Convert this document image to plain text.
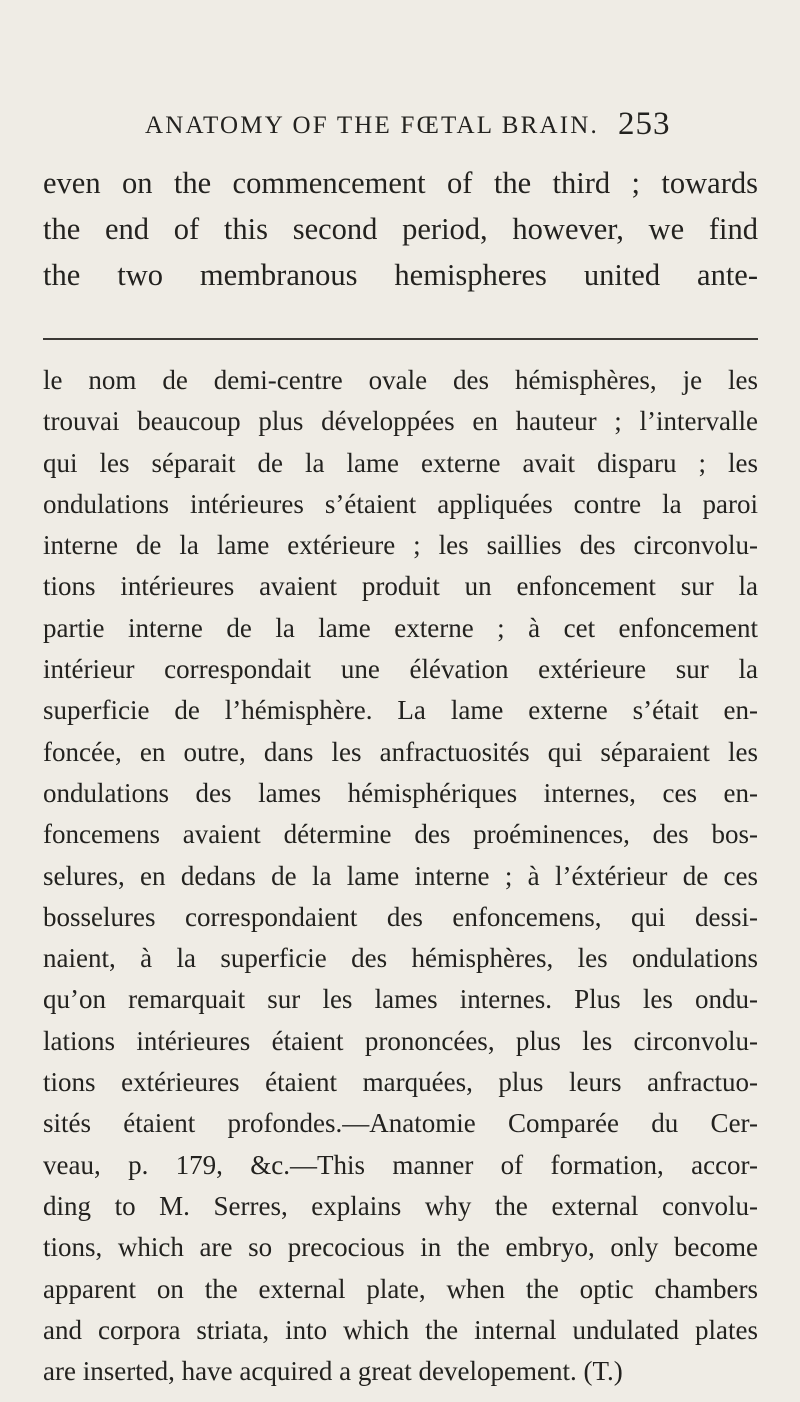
ANATOMY OF THE FŒTAL BRAIN. 253
even on the commencement of the third ; towards
the end of this second period, however, we find
the two membranous hemispheres united ante-
le nom de demi-centre ovale des hémisphères, je les
trouvai beaucoup plus développées en hauteur ; l’intervalle
qui les séparait de la lame externe avait disparu ; les
ondulations intérieures s’étaient appliquées contre la paroi
interne de la lame extérieure ; les saillies des circonvolu-
tions intérieures avaient produit un enfoncement sur la
partie interne de la lame externe ; à cet enfoncement
intérieur correspondait une élévation extérieure sur la
superficie de l’hémisphère. La lame externe s’était en-
foncée, en outre, dans les anfractuosités qui séparaient les
ondulations des lames hémisphériques internes, ces en-
foncemens avaient détermine des proéminences, des bos-
selures, en dedans de la lame interne ; à l’éxtérieur de ces
bosselures correspondaient des enfoncemens, qui dessi-
naient, à la superficie des hémisphères, les ondulations
qu’on remarquait sur les lames internes. Plus les ondu-
lations intérieures étaient prononcées, plus les circonvolu-
tions extérieures étaient marquées, plus leurs anfractuo-
sités étaient profondes.—Anatomie Comparée du Cer-
veau, p. 179, &c.—This manner of formation, accor-
ding to M. Serres, explains why the external convolu-
tions, which are so precocious in the embryo, only become
apparent on the external plate, when the optic chambers
and corpora striata, into which the internal undulated plates
are inserted, have acquired a great developement. (T.)
